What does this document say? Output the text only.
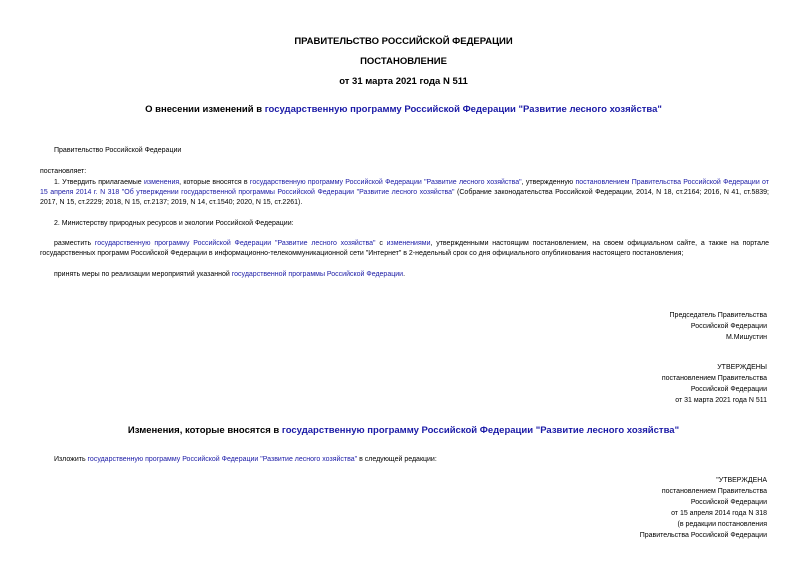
ПРАВИТЕЛЬСТВО РОССИЙСКОЙ ФЕДЕРАЦИИ
ПОСТАНОВЛЕНИЕ
от 31 марта 2021 года N 511
О внесении изменений в государственную программу Российской Федерации "Развитие лесного хозяйства"
Правительство Российской Федерации
постановляет:
1. Утвердить прилагаемые изменения, которые вносятся в государственную программу Российской Федерации "Развитие лесного хозяйства", утвержденную постановлением Правительства Российской Федерации от 15 апреля 2014 г. N 318 "Об утверждении государственной программы Российской Федерации "Развитие лесного хозяйства" (Собрание законодательства Российской Федерации, 2014, N 18, ст.2164; 2016, N 41, ст.5839; 2017, N 15, ст.2229; 2018, N 15, ст.2137; 2019, N 14, ст.1540; 2020, N 15, ст.2261).
2. Министерству природных ресурсов и экологии Российской Федерации:
разместить государственную программу Российской Федерации "Развитие лесного хозяйства" с изменениями, утвержденными настоящим постановлением, на своем официальном сайте, а также на портале государственных программ Российской Федерации в информационно-телекоммуникационной сети "Интернет" в 2-недельный срок со дня официального опубликования настоящего постановления;
принять меры по реализации мероприятий указанной государственной программы Российской Федерации.
Председатель Правительства
Российской Федерации
М.Мишустин
УТВЕРЖДЕНЫ
постановлением Правительства
Российской Федерации
от 31 марта 2021 года N 511
Изменения, которые вносятся в государственную программу Российской Федерации "Развитие лесного хозяйства"
Изложить государственную программу Российской Федерации "Развитие лесного хозяйства" в следующей редакции:
"УТВЕРЖДЕНА
постановлением Правительства
Российской Федерации
от 15 апреля 2014 года N 318
(в редакции постановления
Правительства Российской Федерации
